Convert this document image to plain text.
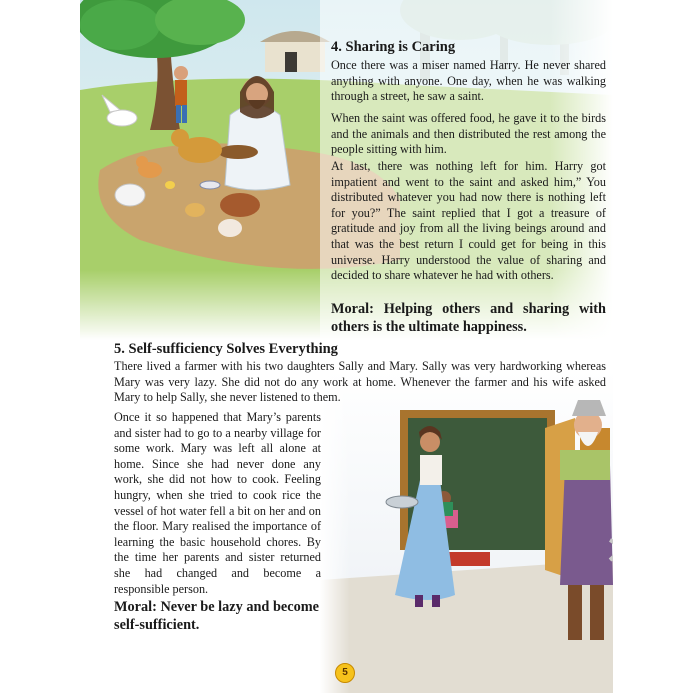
4. Sharing is Caring

Once there was a miser named Harry. He never shared anything with anyone. One day, when he was walking through a street, he saw a saint.

When the saint was offered food, he gave it to the birds and the animals and then distributed the rest among the people sitting with him.

At last, there was nothing left for him. Harry got impatient and went to the saint and asked him,” You distributed whatever you had now there is nothing left for you?” The saint replied that I got a treasure of gratitude and joy from all the living beings around and that was the best return I could get for being in this universe. Harry understood the value of sharing and decided to share whatever he had with others.

Moral: Helping others and sharing with others is the ultimate happiness.

5. Self-sufficiency Solves Everything

There lived a farmer with his two daughters Sally and Mary. Sally was very hardworking whereas Mary was very lazy. She did not do any work at home. Whenever the farmer and his wife asked Mary to help Sally, she never listened to them.

Once it so happened that Mary’s parents and sister had to go to a nearby village for some work. Mary was left all alone at home. Since she had never done any work, she did not how to cook. Feeling hungry, when she tried to cook rice the vessel of hot water fell a bit on her and on the floor. Mary realised the importance of learning the basic household chores. By the time her parents and sister returned she had changed and become a responsible person.

Moral: Never be lazy and become self-sufficient.

5
